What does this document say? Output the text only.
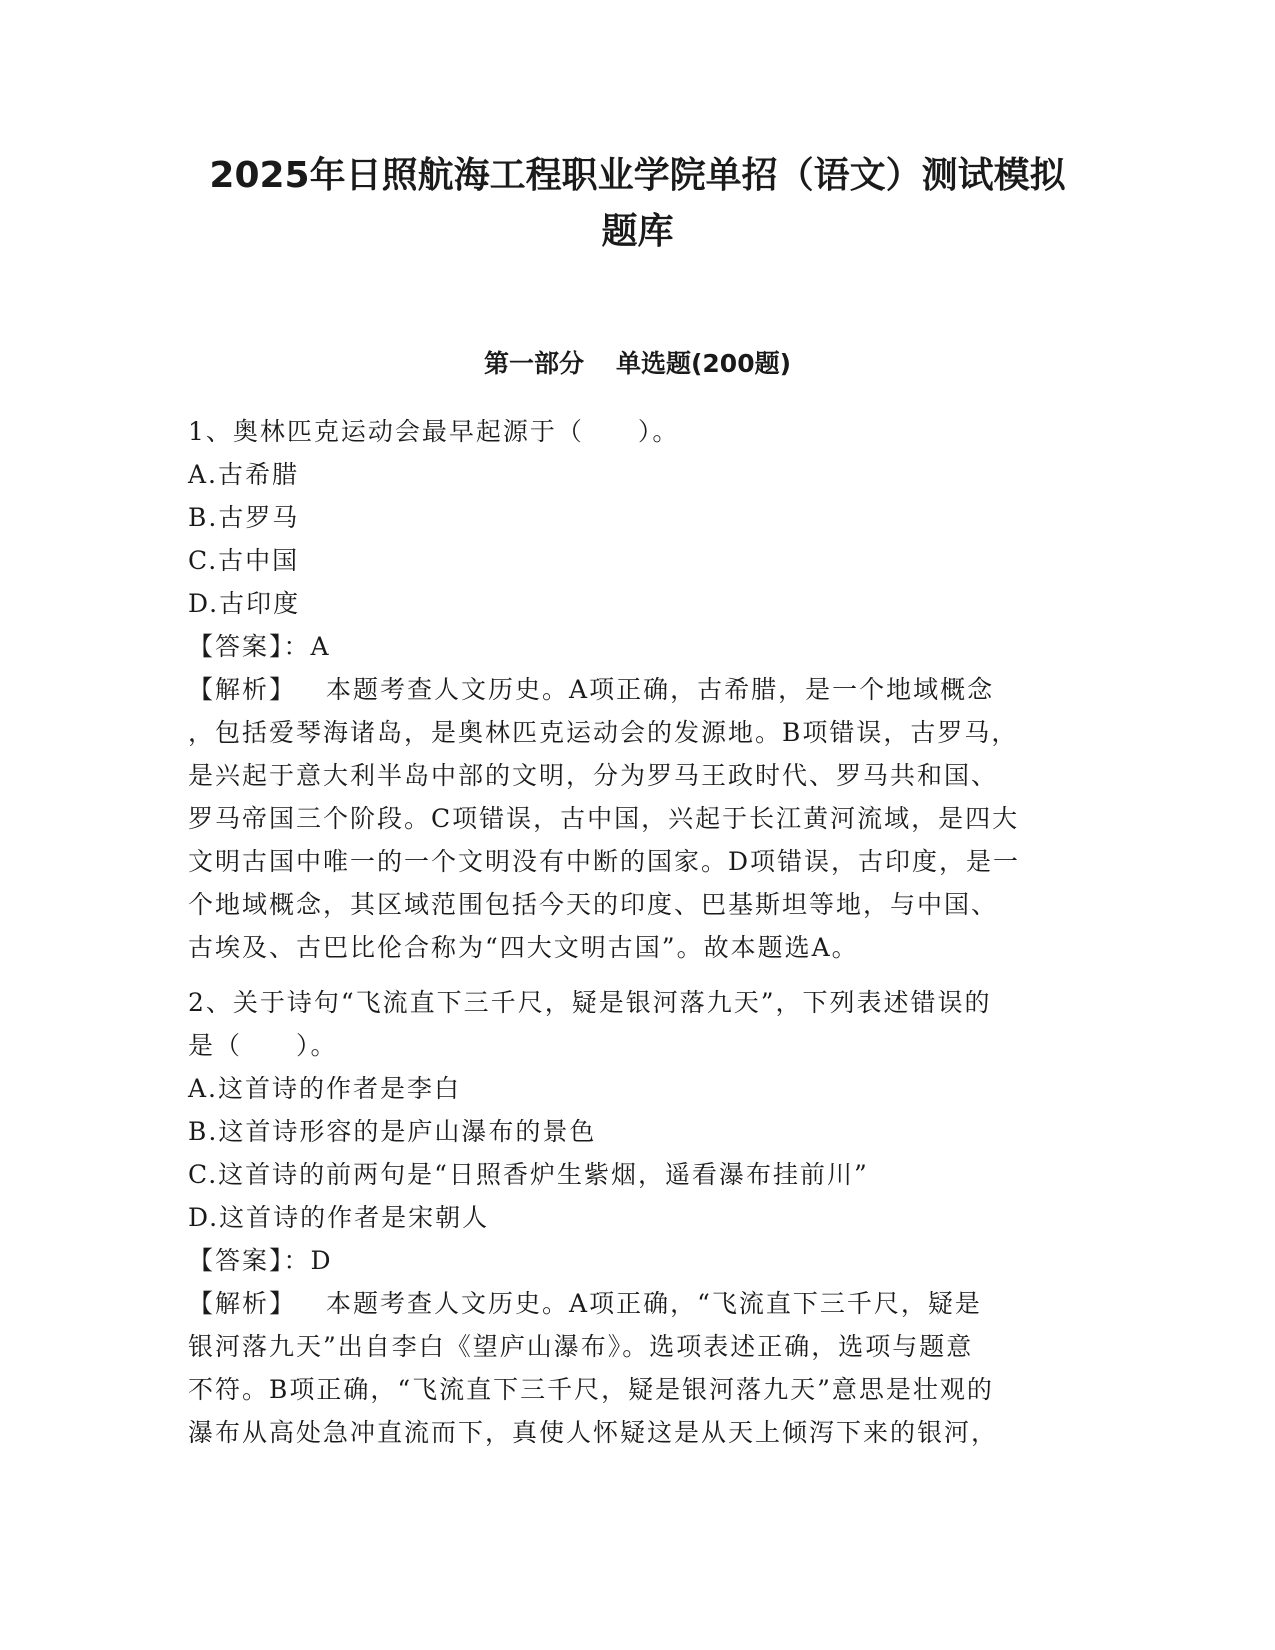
2025年日照航海工程职业学院单招（语文）测试模拟
题库
第一部分 单选题(200题)
1、奥林匹克运动会最早起源于（　　）。
A.古希腊
B.古罗马
C.古中国
D.古印度
【答案】：A
【解析】 本题考查人文历史。A项正确，古希腊，是一个地域概念
，包括爱琴海诸岛，是奥林匹克运动会的发源地。B项错误，古罗马，
是兴起于意大利半岛中部的文明，分为罗马王政时代、罗马共和国、
罗马帝国三个阶段。C项错误，古中国，兴起于长江黄河流域，是四大
文明古国中唯一的一个文明没有中断的国家。D项错误，古印度，是一
个地域概念，其区域范围包括今天的印度、巴基斯坦等地，与中国、
古埃及、古巴比伦合称为“四大文明古国”。故本题选A。
2、关于诗句“飞流直下三千尺，疑是银河落九天”，下列表述错误的
是（　　）。
A.这首诗的作者是李白
B.这首诗形容的是庐山瀑布的景色
C.这首诗的前两句是“日照香炉生紫烟，遥看瀑布挂前川”
D.这首诗的作者是宋朝人
【答案】：D
【解析】 本题考查人文历史。A项正确，“飞流直下三千尺，疑是
银河落九天”出自李白《望庐山瀑布》。选项表述正确，选项与题意
不符。B项正确，“飞流直下三千尺，疑是银河落九天”意思是壮观的
瀑布从高处急冲直流而下，真使人怀疑这是从天上倾泻下来的银河，
